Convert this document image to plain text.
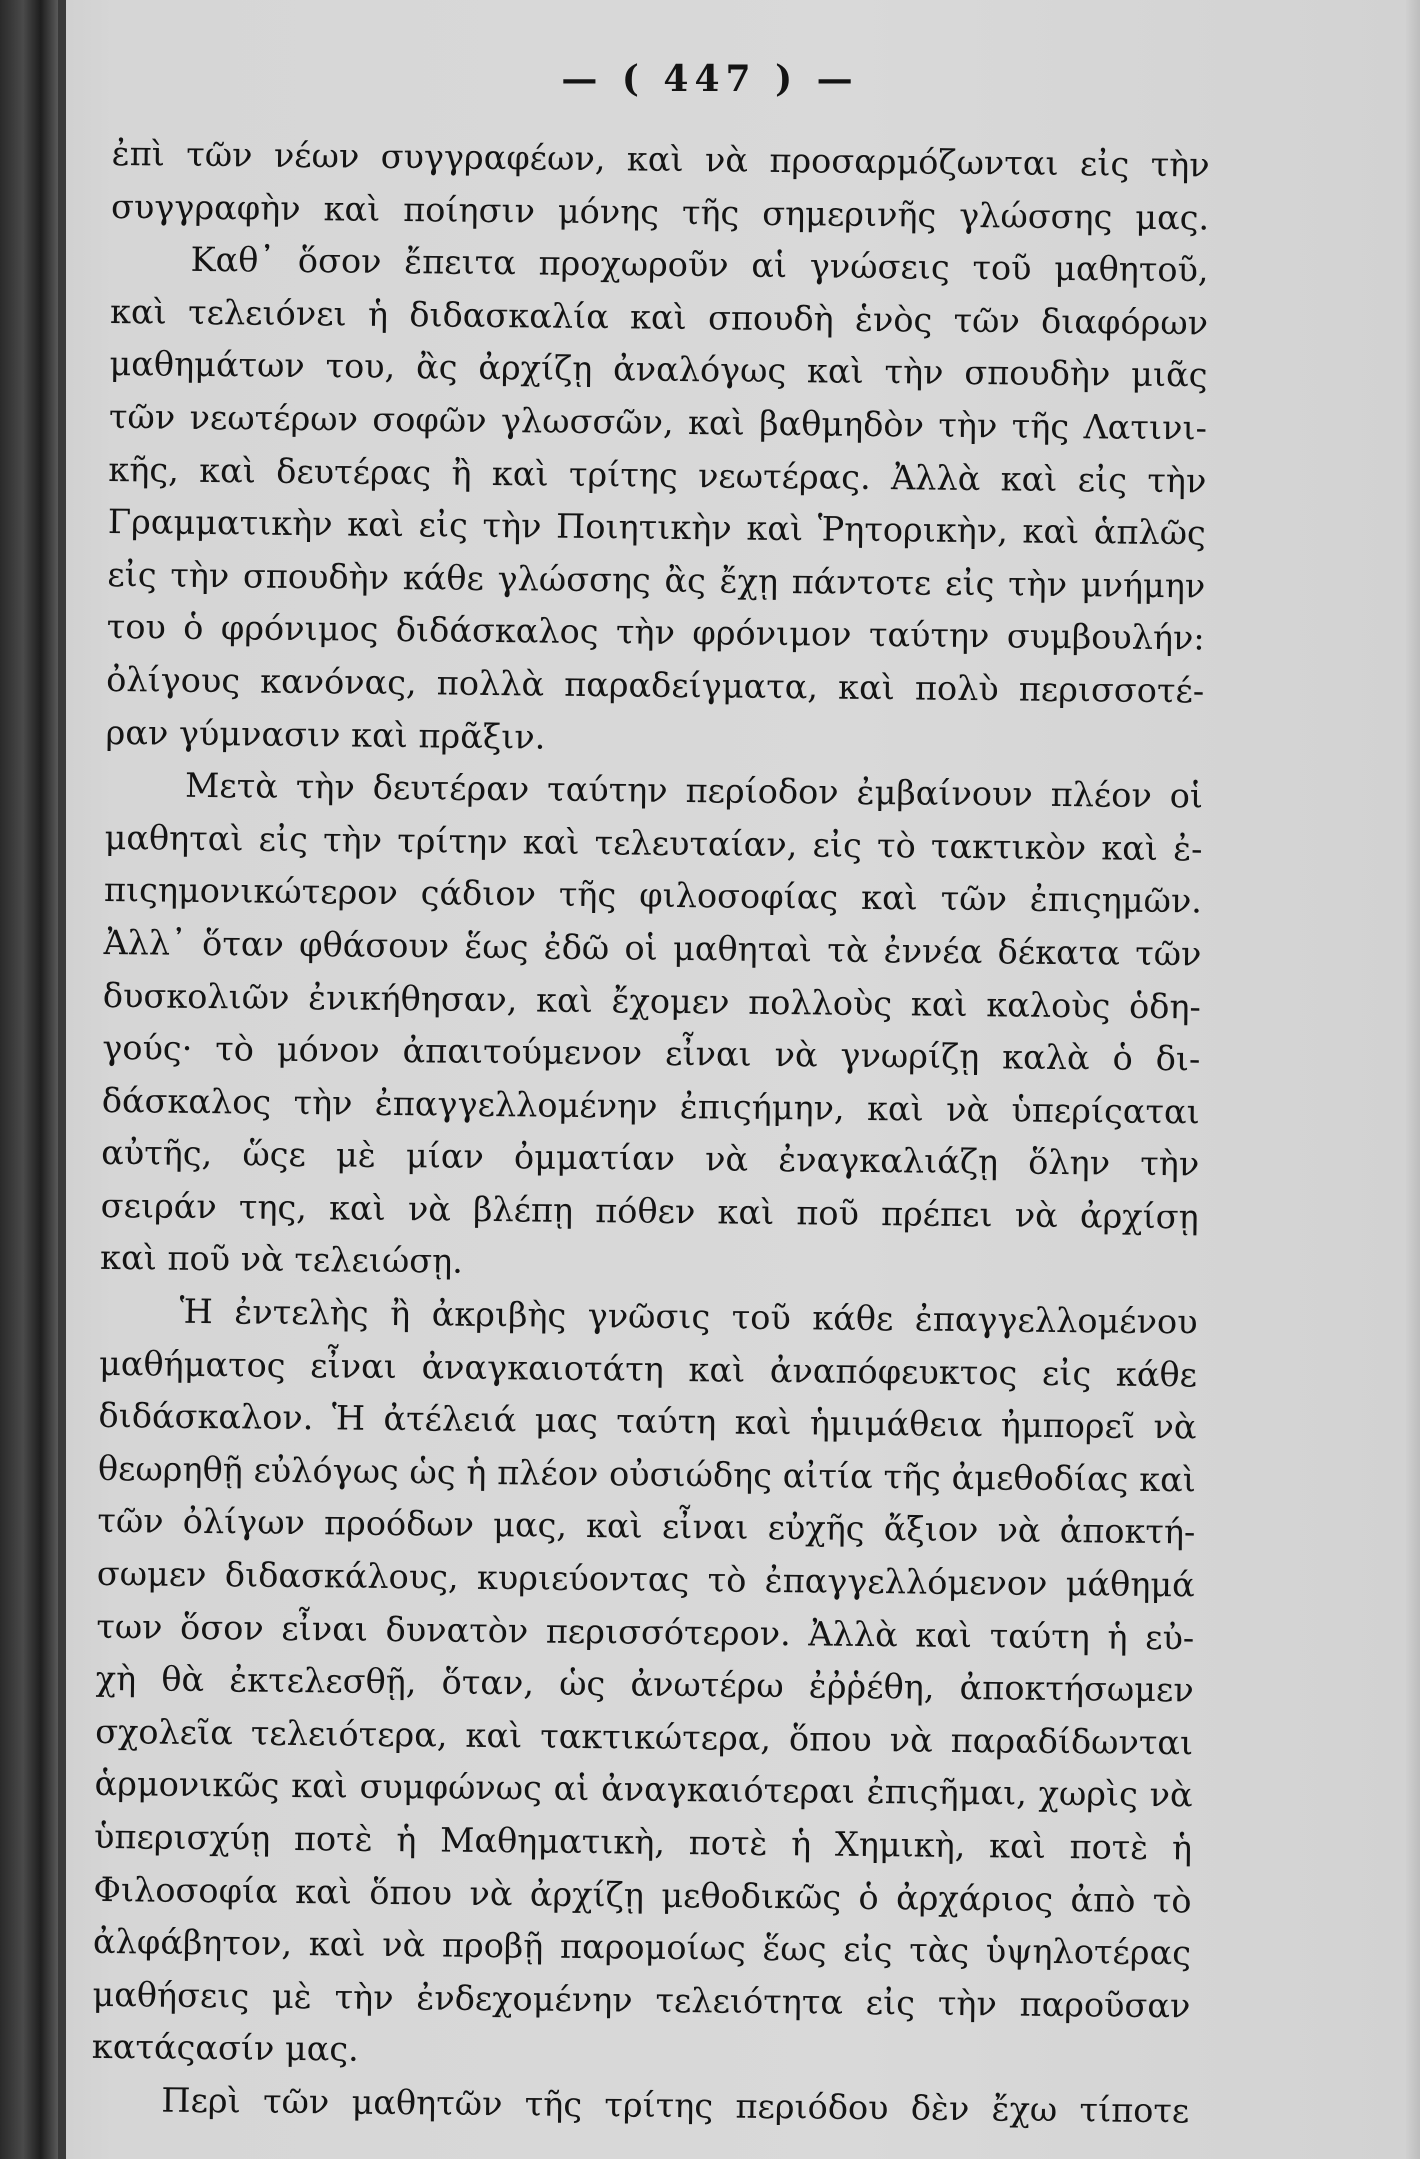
— ( 447 ) —
ἐπὶ τῶν νέων συγγραφέων, καὶ νὰ προσαρμόζωνται εἰς τὴν
συγγραφὴν καὶ ποίησιν μόνης τῆς σημερινῆς γλώσσης μας.
Καθ᾽ ὅσον ἔπειτα προχωροῦν αἱ γνώσεις τοῦ μαθητοῦ,
καὶ τελειόνει ἡ διδασκαλία καὶ σπουδὴ ἑνὸς τῶν διαφόρων
μαθημάτων του, ἂς ἀρχίζῃ ἀναλόγως καὶ τὴν σπουδὴν μιᾶς
τῶν νεωτέρων σοφῶν γλωσσῶν, καὶ βαθμηδὸν τὴν τῆς Λατινι-
κῆς, καὶ δευτέρας ἢ καὶ τρίτης νεωτέρας. Ἀλλὰ καὶ εἰς τὴν
Γραμματικὴν καὶ εἰς τὴν Ποιητικὴν καὶ Ῥητορικὴν, καὶ ἁπλῶς
εἰς τὴν σπουδὴν κάθε γλώσσης ἂς ἔχῃ πάντοτε εἰς τὴν μνήμην
του ὁ φρόνιμος διδάσκαλος τὴν φρόνιμον ταύτην συμβουλήν:
ὀλίγους κανόνας, πολλὰ παραδείγματα, καὶ πολὺ περισσοτέ-
ραν γύμνασιν καὶ πρᾶξιν.
Μετὰ τὴν δευτέραν ταύτην περίοδον ἐμβαίνουν πλέον οἱ
μαθηταὶ εἰς τὴν τρίτην καὶ τελευταίαν, εἰς τὸ τακτικὸν καὶ ἐ-
πιςημονικώτερον ςάδιον τῆς φιλοσοφίας καὶ τῶν ἐπιςημῶν.
Ἀλλ᾽ ὅταν φθάσουν ἕως ἐδῶ οἱ μαθηταὶ τὰ ἐννέα δέκατα τῶν
δυσκολιῶν ἐνικήθησαν, καὶ ἔχομεν πολλοὺς καὶ καλοὺς ὁδη-
γούς· τὸ μόνον ἀπαιτούμενον εἶναι νὰ γνωρίζῃ καλὰ ὁ δι-
δάσκαλος τὴν ἐπαγγελλομένην ἐπιςήμην, καὶ νὰ ὑπερίςαται
αὐτῆς, ὥςε μὲ μίαν ὀμματίαν νὰ ἐναγκαλιάζῃ ὅλην τὴν
σειράν της, καὶ νὰ βλέπῃ πόθεν καὶ ποῦ πρέπει νὰ ἀρχίσῃ
καὶ ποῦ νὰ τελειώσῃ.
Ἡ ἐντελὴς ἢ ἀκριβὴς γνῶσις τοῦ κάθε ἐπαγγελλομένου
μαθήματος εἶναι ἀναγκαιοτάτη καὶ ἀναπόφευκτος εἰς κάθε
διδάσκαλον. Ἡ ἀτέλειά μας ταύτη καὶ ἡμιμάθεια ἠμπορεῖ νὰ
θεωρηθῇ εὐλόγως ὡς ἡ πλέον οὐσιώδης αἰτία τῆς ἀμεθοδίας καὶ
τῶν ὀλίγων προόδων μας, καὶ εἶναι εὐχῆς ἄξιον νὰ ἀποκτή-
σωμεν διδασκάλους, κυριεύοντας τὸ ἐπαγγελλόμενον μάθημά
των ὅσον εἶναι δυνατὸν περισσότερον. Ἀλλὰ καὶ ταύτη ἡ εὐ-
χὴ θὰ ἐκτελεσθῇ, ὅταν, ὡς ἀνωτέρω ἐῤῥέθη, ἀποκτήσωμεν
σχολεῖα τελειότερα, καὶ τακτικώτερα, ὅπου νὰ παραδίδωνται
ἁρμονικῶς καὶ συμφώνως αἱ ἀναγκαιότεραι ἐπιςῆμαι, χωρὶς νὰ
ὑπερισχύῃ ποτὲ ἡ Μαθηματικὴ, ποτὲ ἡ Χημικὴ, καὶ ποτὲ ἡ
Φιλοσοφία καὶ ὅπου νὰ ἀρχίζῃ μεθοδικῶς ὁ ἀρχάριος ἀπὸ τὸ
ἀλφάβητον, καὶ νὰ προβῇ παρομοίως ἕως εἰς τὰς ὑψηλοτέρας
μαθήσεις μὲ τὴν ἐνδεχομένην τελειότητα εἰς τὴν παροῦσαν
κατάςασίν μας.
Περὶ τῶν μαθητῶν τῆς τρίτης περιόδου δὲν ἔχω τίποτε
